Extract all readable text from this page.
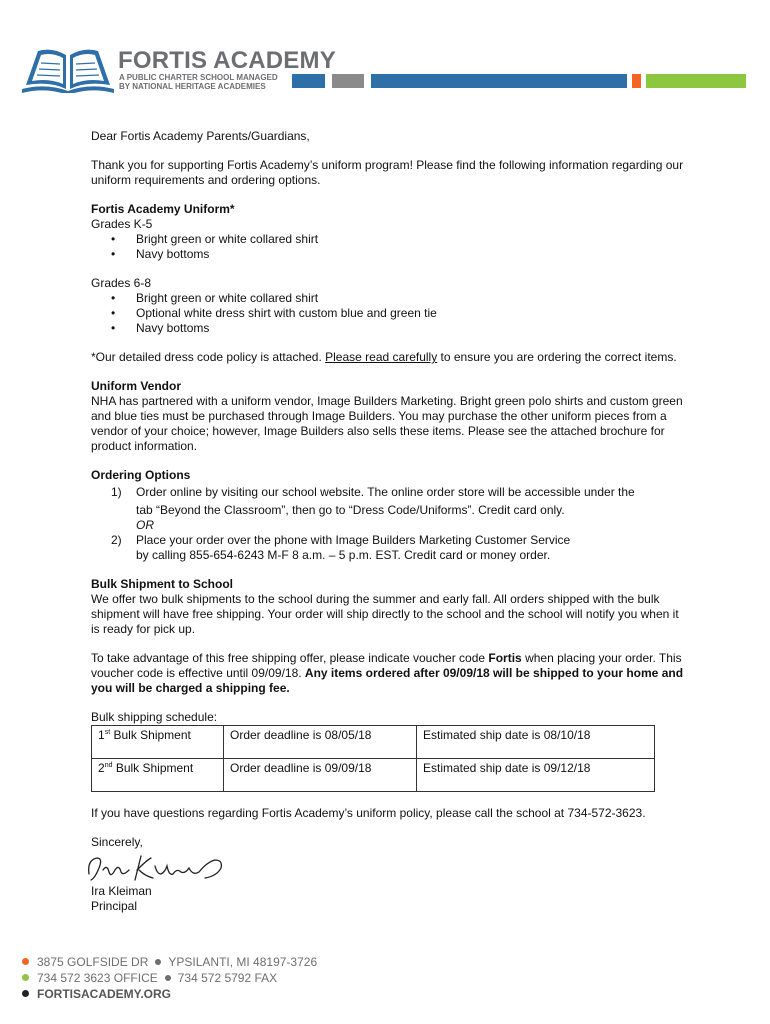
FORTIS ACADEMY
A PUBLIC CHARTER SCHOOL MANAGED
BY NATIONAL HERITAGE ACADEMIES

Dear Fortis Academy Parents/Guardians,

Thank you for supporting Fortis Academy’s uniform program! Please find the following information regarding our uniform requirements and ordering options.

Fortis Academy Uniform*

Grades K-5

• Bright green or white collared shirt
• Navy bottoms

Grades 6-8

• Bright green or white collared shirt
• Optional white dress shirt with custom blue and green tie
• Navy bottoms

*Our detailed dress code policy is attached. Please read carefully to ensure you are ordering the correct items.

Uniform Vendor

NHA has partnered with a uniform vendor, Image Builders Marketing. Bright green polo shirts and custom green and blue ties must be purchased through Image Builders. You may purchase the other uniform pieces from a vendor of your choice; however, Image Builders also sells these items. Please see the attached brochure for product information.

Ordering Options

1) Order online by visiting our school website. The online order store will be accessible under the
tab “Beyond the Classroom”, then go to “Dress Code/Uniforms”. Credit card only.
OR
2) Place your order over the phone with Image Builders Marketing Customer Service
by calling 855-654-6243 M-F 8 a.m. – 5 p.m. EST. Credit card or money order.

Bulk Shipment to School

We offer two bulk shipments to the school during the summer and early fall. All orders shipped with the bulk shipment will have free shipping. Your order will ship directly to the school and the school will notify you when it is ready for pick up.

To take advantage of this free shipping offer, please indicate voucher code Fortis when placing your order. This voucher code is effective until 09/09/18. Any items ordered after 09/09/18 will be shipped to your home and you will be charged a shipping fee.

Bulk shipping schedule:

1st Bulk Shipment	Order deadline is 08/05/18	Estimated ship date is 08/10/18
2nd Bulk Shipment	Order deadline is 09/09/18	Estimated ship date is 09/12/18

If you have questions regarding Fortis Academy’s uniform policy, please call the school at 734-572-3623.

Sincerely,

Ira Kleiman

Principal

3875 GOLFSIDE DR YPSILANTI, MI 48197-3726
734 572 3623 OFFICE 734 572 5792 FAX
FORTISACADEMY.ORG
